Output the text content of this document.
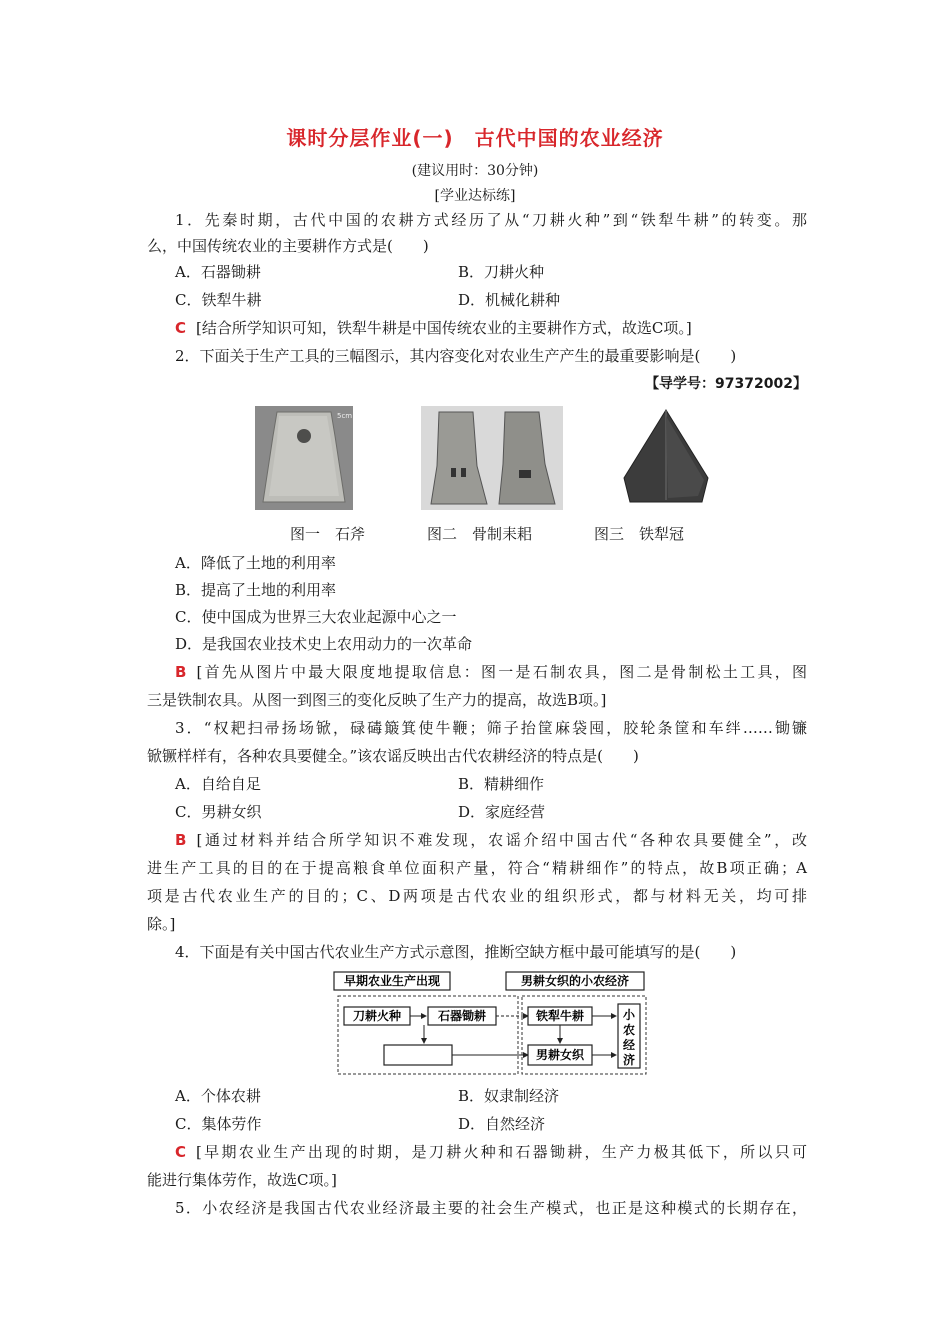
课时分层作业(一)　古代中国的农业经济
(建议用时：30分钟)
[学业达标练]
1．先秦时期，古代中国的农耕方式经历了从“刀耕火种”到“铁犁牛耕”的转变。那
么，中国传统农业的主要耕作方式是(　　)
A．石器锄耕	B．刀耕火种
C．铁犁牛耕	D．机械化耕种
C [结合所学知识可知，铁犁牛耕是中国传统农业的主要耕作方式，故选C项。]
2．下面关于生产工具的三幅图示，其内容变化对农业生产产生的最重要影响是(　　)
【导学号：97372002】
5cm
图一　石斧	图二　骨制耒耜	图三　铁犁冠
A．降低了土地的利用率
B．提高了土地的利用率
C．使中国成为世界三大农业起源中心之一
D．是我国农业技术史上农用动力的一次革命
B [首先从图片中最大限度地提取信息：图一是石制农具，图二是骨制松土工具，图
三是铁制农具。从图一到图三的变化反映了生产力的提高，故选B项。]
3．“权耙扫帚扬场锨，碌碡簸箕使牛鞭；筛子抬筐麻袋囤，胶轮条筐和车绊……锄镰
锨镢样样有，各种农具要健全。”该农谣反映出古代农耕经济的特点是(　　)
A．自给自足	B．精耕细作
C．男耕女织	D．家庭经营
B [通过材料并结合所学知识不难发现，农谣介绍中国古代“各种农具要健全”，改
进生产工具的目的在于提高粮食单位面积产量，符合“精耕细作”的特点，故B项正确；A
项是古代农业生产的目的；C、D两项是古代农业的组织形式，都与材料无关，均可排
除。]
4．下面是有关中国古代农业生产方式示意图，推断空缺方框中最可能填写的是(　　)
早期农业生产出现
刀耕火种	石器锄耕
男耕女织的小农经济
铁犁牛耕
男耕女织
小
农
经
济
A．个体农耕	B．奴隶制经济
C．集体劳作	D．自然经济
C [早期农业生产出现的时期，是刀耕火种和石器锄耕，生产力极其低下，所以只可
能进行集体劳作，故选C项。]
5．小农经济是我国古代农业经济最主要的社会生产模式，也正是这种模式的长期存在，
